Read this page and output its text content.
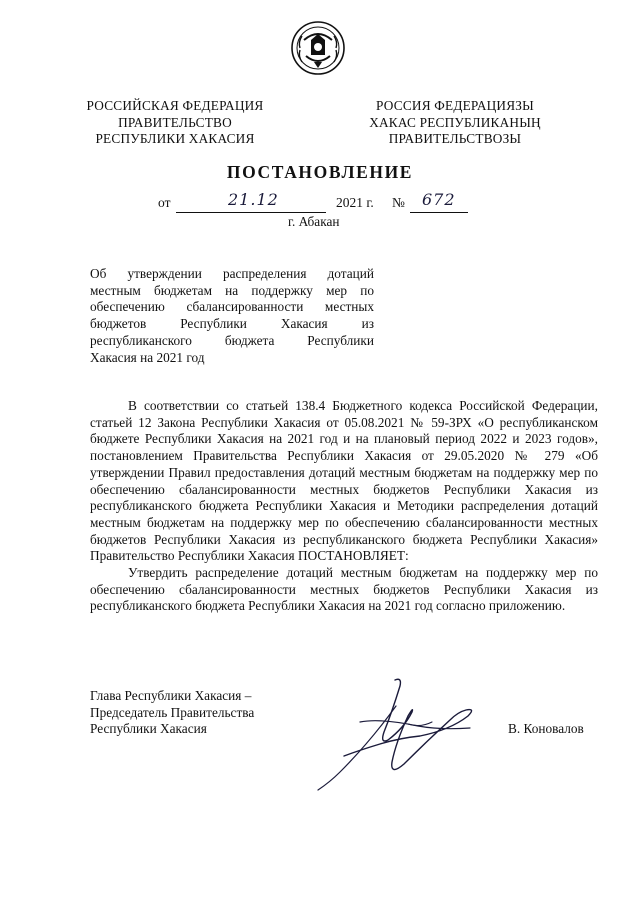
РОССИЙСКАЯ ФЕДЕРАЦИЯ
ПРАВИТЕЛЬСТВО
РЕСПУБЛИКИ ХАКАСИЯ
РОССИЯ ФЕДЕРАЦИЯЗЫ
ХАКАС РЕСПУБЛИКАНЫҢ
ПРАВИТЕЛЬСТВОЗЫ
ПОСТАНОВЛЕНИЕ
от	21.12	2021 г. № 672
г. Абакан
Об утверждении распределения дотаций
местным бюджетам на поддержку мер по
обеспечению сбалансированности местных
бюджетов Республики Хакасия из
республиканского бюджета Республики
Хакасия на 2021 год

В соответствии со статьей 138.4 Бюджетного кодекса Российской Федерации, статьей 12 Закона Республики Хакасия от 05.08.2021 № 59-ЗРХ «О республиканском бюджете Республики Хакасия на 2021 год и на плановый период 2022 и 2023 годов», постановлением Правительства Республики Хакасия от 29.05.2020 № 279 «Об утверждении Правил предоставления дотаций местным бюджетам на поддержку мер по обеспечению сбалансированности местных бюджетов Республики Хакасия из республиканского бюджета Республики Хакасия и Методики распределения дотаций местным бюджетам на поддержку мер по обеспечению сбалансированности местных бюджетов Республики Хакасия из республиканского бюджета Республики Хакасия» Правительство Республики Хакасия ПОСТАНОВЛЯЕТ:

Утвердить распределение дотаций местным бюджетам на поддержку мер по обеспечению сбалансированности местных бюджетов Республики Хакасия из республиканского бюджета Республики Хакасия на 2021 год согласно приложению.

Глава Республики Хакасия –
Председатель Правительства
Республики Хакасия	В. Коновалов
